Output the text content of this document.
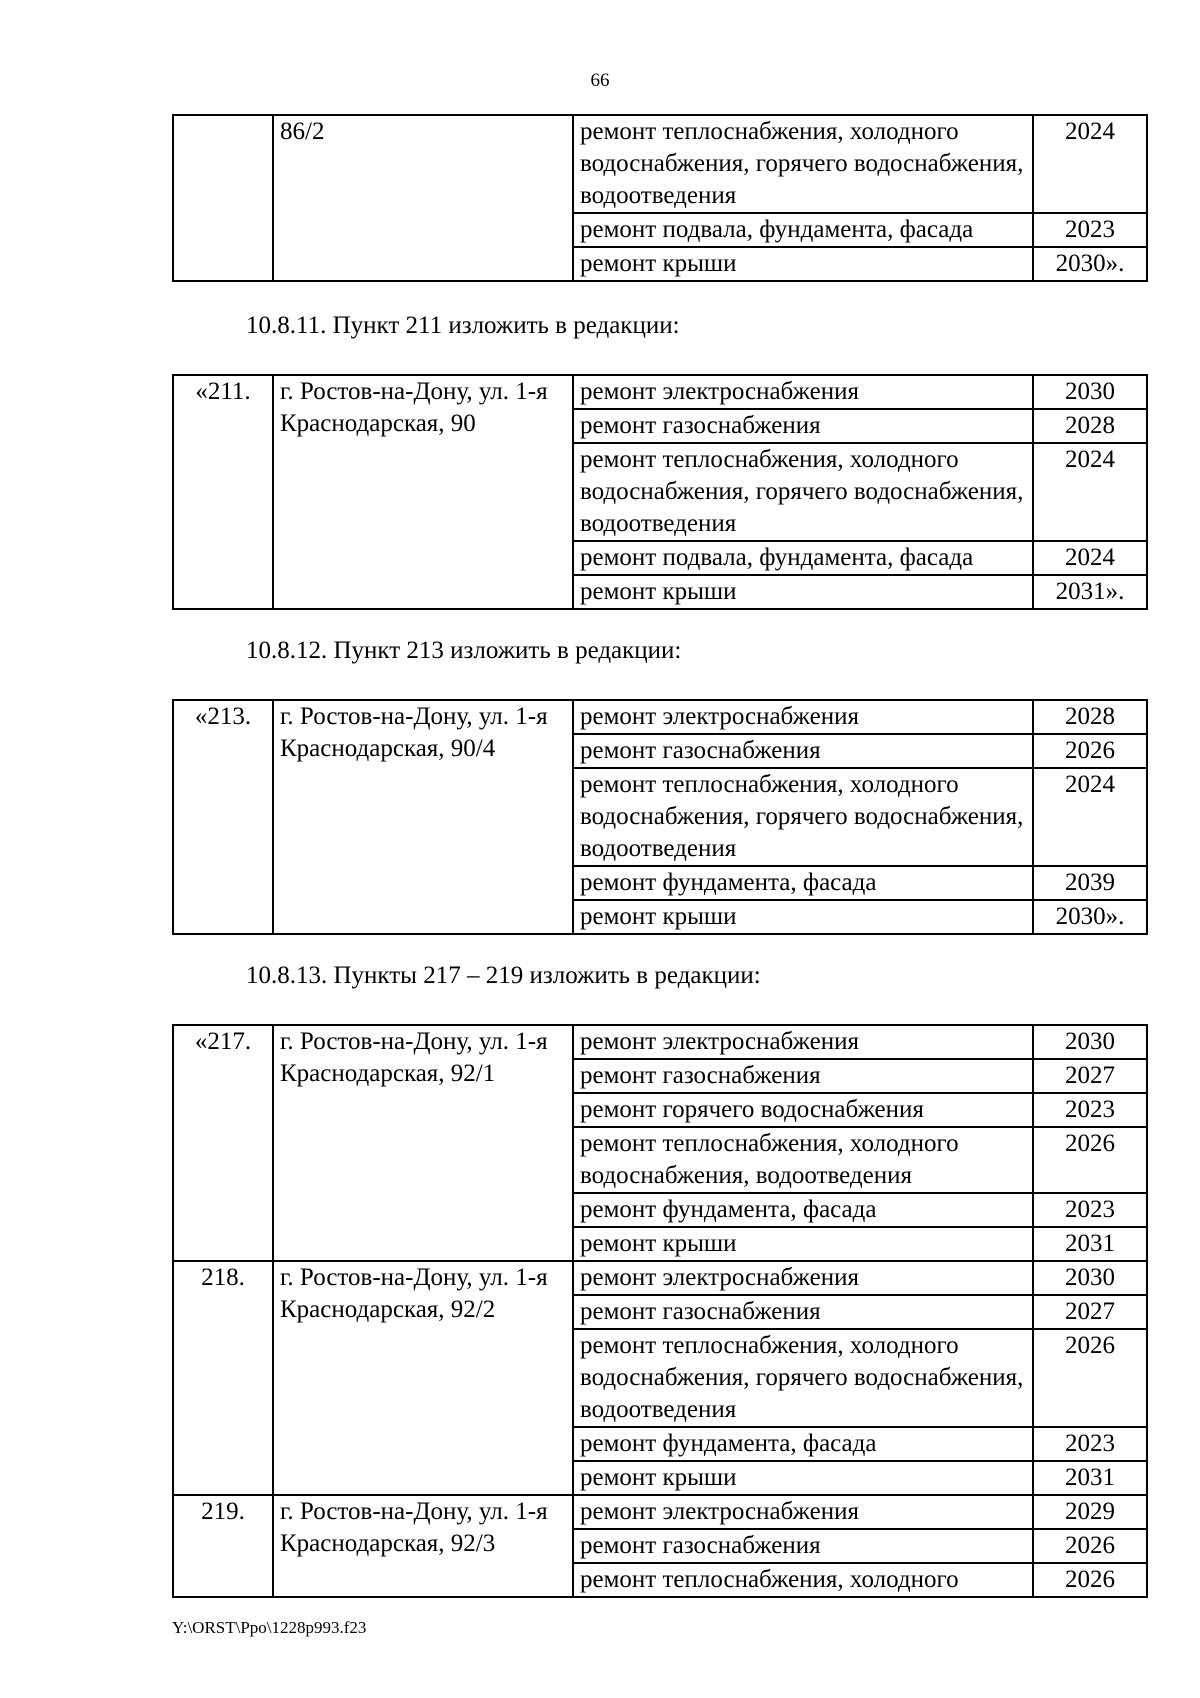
66
	86/2	ремонт теплоснабжения, холодного водоснабжения, горячего водоснабжения, водоотведения	2024
		ремонт подвала, фундамента, фасада	2023
		ремонт крыши	2030».
10.8.11. Пункт 211 изложить в редакции:
«211.	г. Ростов-на-Дону, ул. 1-я Краснодарская, 90	ремонт электроснабжения	2030
		ремонт газоснабжения	2028
		ремонт теплоснабжения, холодного водоснабжения, горячего водоснабжения, водоотведения	2024
		ремонт подвала, фундамента, фасада	2024
		ремонт крыши	2031».
10.8.12. Пункт 213 изложить в редакции:
«213.	г. Ростов-на-Дону, ул. 1-я Краснодарская, 90/4	ремонт электроснабжения	2028
		ремонт газоснабжения	2026
		ремонт теплоснабжения, холодного водоснабжения, горячего водоснабжения, водоотведения	2024
		ремонт фундамента, фасада	2039
		ремонт крыши	2030».
10.8.13. Пункты 217 – 219 изложить в редакции:
«217.	г. Ростов-на-Дону, ул. 1-я Краснодарская, 92/1	ремонт электроснабжения	2030
		ремонт газоснабжения	2027
		ремонт горячего водоснабжения	2023
		ремонт теплоснабжения, холодного водоснабжения, водоотведения	2026
		ремонт фундамента, фасада	2023
		ремонт крыши	2031
218.	г. Ростов-на-Дону, ул. 1-я Краснодарская, 92/2	ремонт электроснабжения	2030
		ремонт газоснабжения	2027
		ремонт теплоснабжения, холодного водоснабжения, горячего водоснабжения, водоотведения	2026
		ремонт фундамента, фасада	2023
		ремонт крыши	2031
219.	г. Ростов-на-Дону, ул. 1-я Краснодарская, 92/3	ремонт электроснабжения	2029
		ремонт газоснабжения	2026
		ремонт теплоснабжения, холодного	2026
Y:\ORST\Ppo\1228p993.f23
